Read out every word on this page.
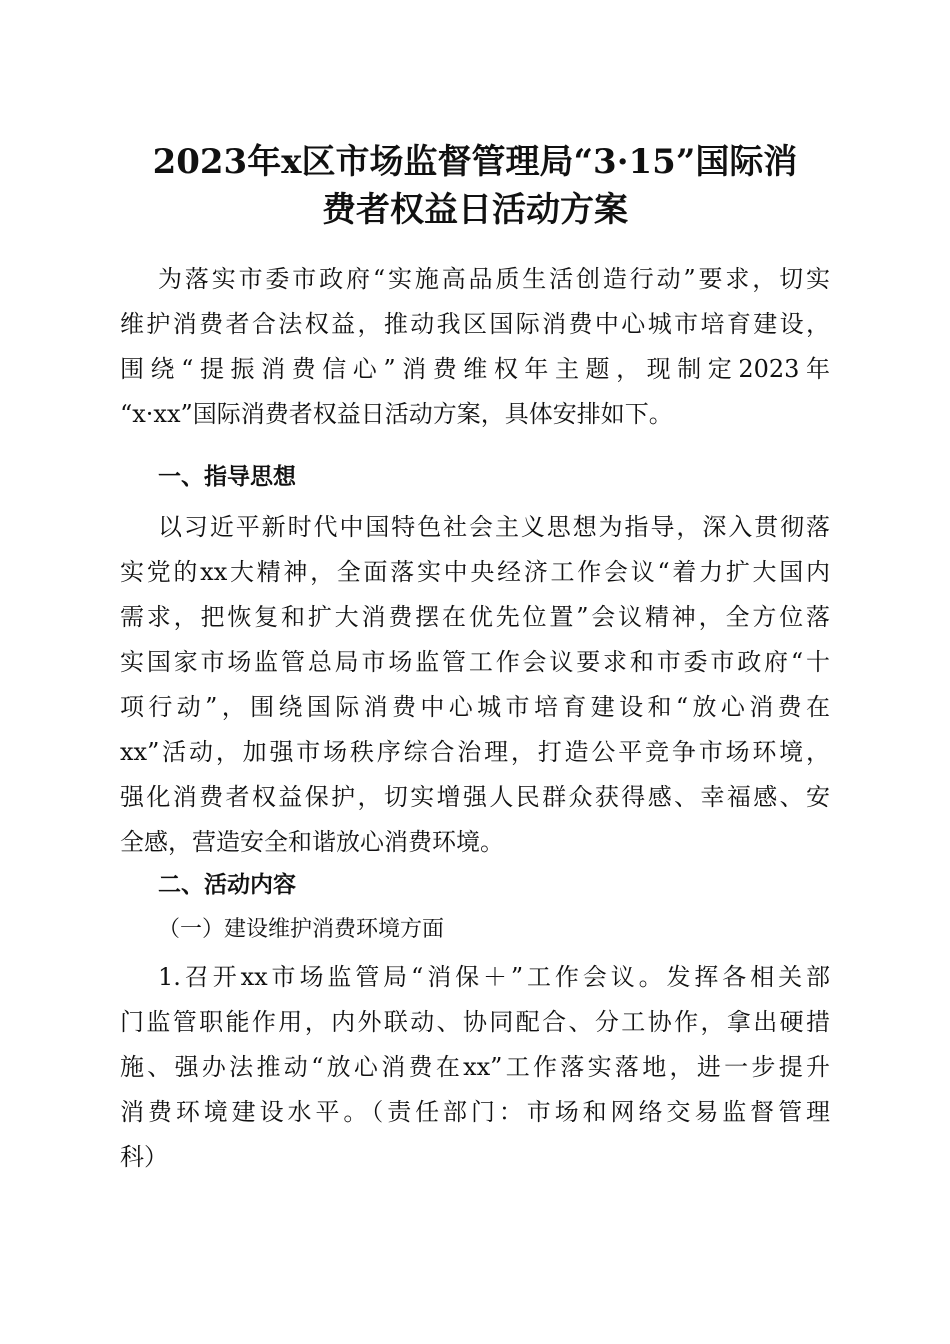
2023年x区市场监督管理局“3·15”国际消
费者权益日活动方案
为落实市委市政府“实施高品质生活创造行动”要求，切实
维护消费者合法权益，推动我区国际消费中心城市培育建设，
围绕“提振消费信心”消费维权年主题，现制定2023年
“x·xx”国际消费者权益日活动方案，具体安排如下。
一、指导思想
以习近平新时代中国特色社会主义思想为指导，深入贯彻落
实党的xx大精神，全面落实中央经济工作会议“着力扩大国内
需求，把恢复和扩大消费摆在优先位置”会议精神，全方位落
实国家市场监管总局市场监管工作会议要求和市委市政府“十
项行动”，围绕国际消费中心城市培育建设和“放心消费在
xx”活动，加强市场秩序综合治理，打造公平竞争市场环境，
强化消费者权益保护，切实增强人民群众获得感、幸福感、安
全感，营造安全和谐放心消费环境。
二、活动内容
（一）建设维护消费环境方面
1.召开xx市场监管局“消保＋”工作会议。发挥各相关部
门监管职能作用，内外联动、协同配合、分工协作，拿出硬措
施、强办法推动“放心消费在xx”工作落实落地，进一步提升
消费环境建设水平。（责任部门：市场和网络交易监督管理
科）
